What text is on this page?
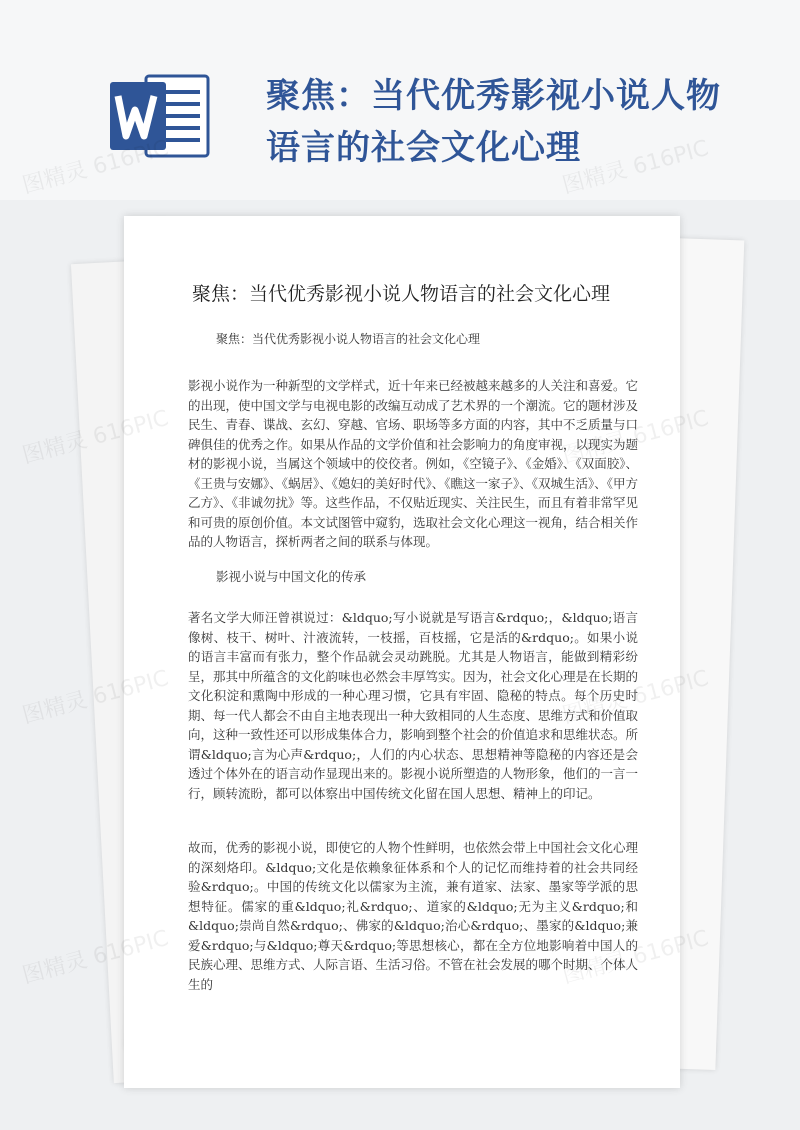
聚焦：当代优秀影视小说人物语言的社会文化心理
聚焦：当代优秀影视小说人物语言的社会文化心理
聚焦：当代优秀影视小说人物语言的社会文化心理
影视小说作为一种新型的文学样式，近十年来已经被越来越多的人关注和喜爱。它的出现，使中国文学与电视电影的改编互动成了艺术界的一个潮流。它的题材涉及民生、青春、谍战、玄幻、穿越、官场、职场等多方面的内容，其中不乏质量与口碑俱佳的优秀之作。如果从作品的文学价值和社会影响力的角度审视，以现实为题材的影视小说，当属这个领域中的佼佼者。例如，《空镜子》、《金婚》、《双面胶》、《王贵与安娜》、《蜗居》、《媳妇的美好时代》、《瞧这一家子》、《双城生活》、《甲方乙方》、《非诚勿扰》等。这些作品，不仅贴近现实、关注民生，而且有着非常罕见和可贵的原创价值。本文试图管中窥豹，选取社会文化心理这一视角，结合相关作品的人物语言，探析两者之间的联系与体现。
影视小说与中国文化的传承
著名文学大师汪曾祺说过：&ldquo;写小说就是写语言&rdquo;，&ldquo;语言像树、枝干、树叶、汁液流转，一枝摇，百枝摇，它是活的&rdquo;。如果小说的语言丰富而有张力，整个作品就会灵动跳脱。尤其是人物语言，能做到精彩纷呈，那其中所蕴含的文化韵味也必然会丰厚笃实。因为，社会文化心理是在长期的文化积淀和熏陶中形成的一种心理习惯，它具有牢固、隐秘的特点。每个历史时期、每一代人都会不由自主地表现出一种大致相同的人生态度、思维方式和价值取向，这种一致性还可以形成集体合力，影响到整个社会的价值追求和思维状态。所谓&ldquo;言为心声&rdquo;，人们的内心状态、思想精神等隐秘的内容还是会透过个体外在的语言动作显现出来的。影视小说所塑造的人物形象，他们的一言一行，顾转流盼，都可以体察出中国传统文化留在国人思想、精神上的印记。
故而，优秀的影视小说，即使它的人物个性鲜明，也依然会带上中国社会文化心理的深刻烙印。&ldquo;文化是依赖象征体系和个人的记忆而维持着的社会共同经验&rdquo;。中国的传统文化以儒家为主流，兼有道家、法家、墨家等学派的思想特征。儒家的重&ldquo;礼&rdquo;、道家的&ldquo;无为主义&rdquo;和&ldquo;崇尚自然&rdquo;、佛家的&ldquo;治心&rdquo;、墨家的&ldquo;兼爱&rdquo;与&ldquo;尊天&rdquo;等思想核心，都在全方位地影响着中国人的民族心理、思维方式、人际言语、生活习俗。不管在社会发展的哪个时期、个体人生的
图精灵
图精灵
图精灵 616PIC
